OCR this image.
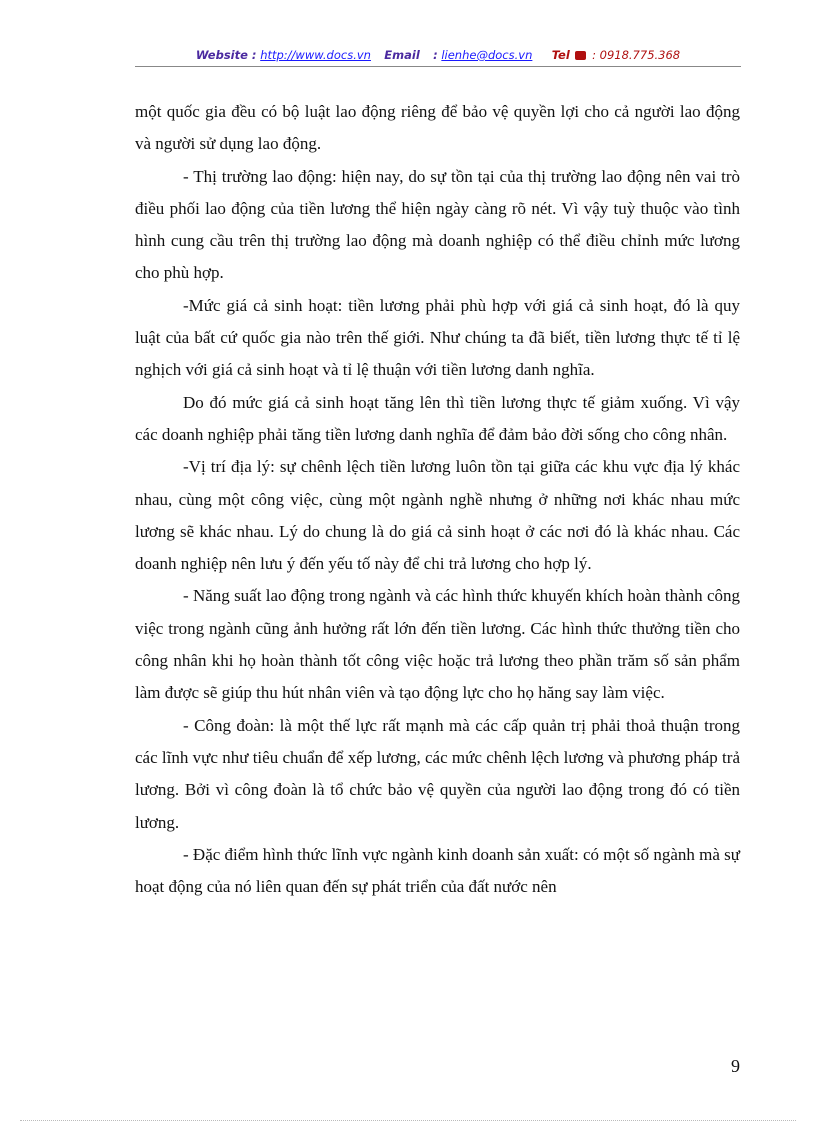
Website : http://www.docs.vn Email : lienhe@docs.vn Tel : 0918.775.368

một quốc gia đều có bộ luật lao động riêng để bảo vệ quyền lợi cho cả người lao động và người sử dụng lao động.

- Thị trường lao động: hiện nay, do sự tồn tại của thị trường lao động nên vai trò điều phối lao động của tiền lương thể hiện ngày càng rõ nét. Vì vậy tuỳ thuộc vào tình hình cung cầu trên thị trường lao động mà doanh nghiệp có thể điều chỉnh mức lương cho phù hợp.

-Mức giá cả sinh hoạt: tiền lương phải phù hợp với giá cả sinh hoạt, đó là quy luật của bất cứ quốc gia nào trên thế giới. Như chúng ta đã biết, tiền lương thực tế tỉ lệ nghịch với giá cả sinh hoạt và tỉ lệ thuận với tiền lương danh nghĩa.

Do đó mức giá cả sinh hoạt tăng lên thì tiền lương thực tế giảm xuống. Vì vậy các doanh nghiệp phải tăng tiền lương danh nghĩa để đảm bảo đời sống cho công nhân.

-Vị trí địa lý: sự chênh lệch tiền lương luôn tồn tại giữa các khu vực địa lý khác nhau, cùng một công việc, cùng một ngành nghề nhưng ở những nơi khác nhau mức lương sẽ khác nhau. Lý do chung là do giá cả sinh hoạt ở các nơi đó là khác nhau. Các doanh nghiệp nên lưu ý đến yếu tố này để chi trả lương cho hợp lý.

- Năng suất lao động trong ngành và các hình thức khuyến khích hoàn thành công việc trong ngành cũng ảnh hưởng rất lớn đến tiền lương. Các hình thức thưởng tiền cho công nhân khi họ hoàn thành tốt công việc hoặc trả lương theo phần trăm số sản phẩm làm được sẽ giúp thu hút nhân viên và tạo động lực cho họ hăng say làm việc.

- Công đoàn: là một thế lực rất mạnh mà các cấp quản trị phải thoả thuận trong các lĩnh vực như tiêu chuẩn để xếp lương, các mức chênh lệch lương và phương pháp trả lương. Bởi vì công đoàn là tổ chức bảo vệ quyền của người lao động trong đó có tiền lương.

- Đặc điểm hình thức lĩnh vực ngành kinh doanh sản xuất: có một số ngành mà sự hoạt động của nó liên quan đến sự phát triển của đất nước nên

9
